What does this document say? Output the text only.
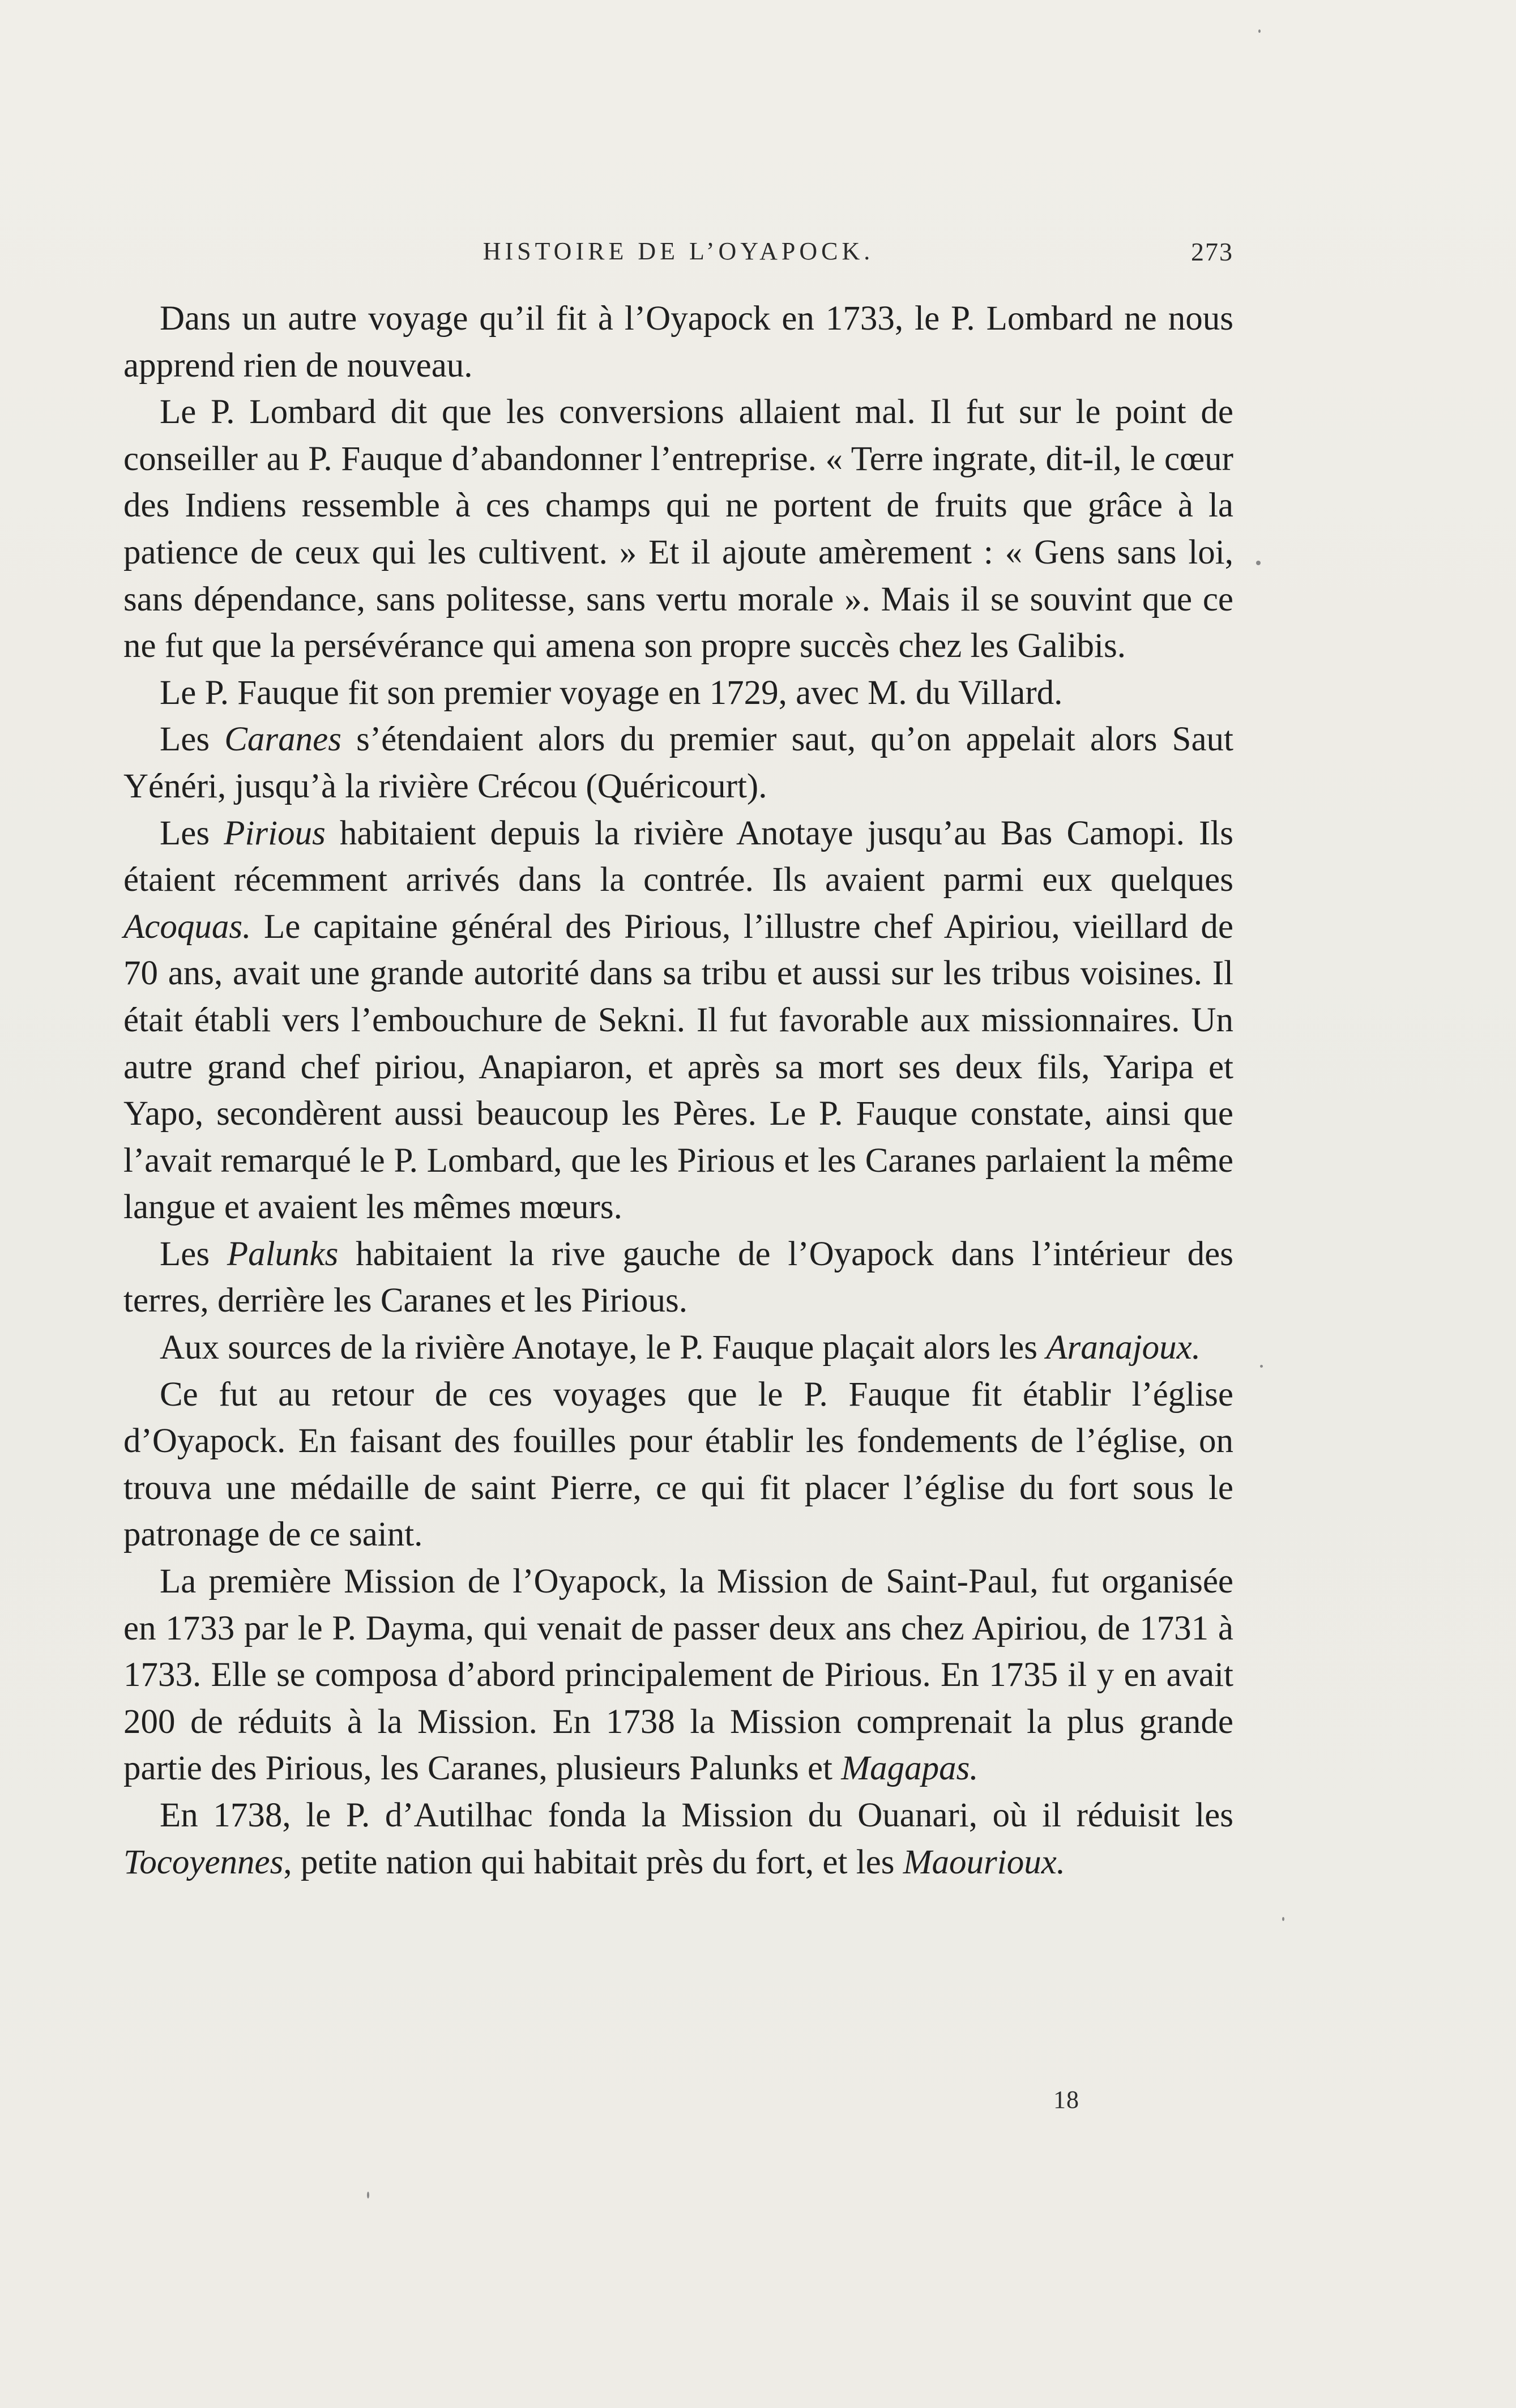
HISTOIRE DE L’OYAPOCK.	273

Dans un autre voyage qu’il fit à l’Oyapock en 1733, le P. Lombard ne nous apprend rien de nouveau.

Le P. Lombard dit que les conversions allaient mal. Il fut sur le point de conseiller au P. Fauque d’abandonner l’entreprise. « Terre ingrate, dit-il, le cœur des Indiens ressemble à ces champs qui ne portent de fruits que grâce à la patience de ceux qui les cultivent. » Et il ajoute amèrement : « Gens sans loi, sans dépendance, sans politesse, sans vertu morale ». Mais il se souvint que ce ne fut que la persévérance qui amena son propre succès chez les Galibis.

Le P. Fauque fit son premier voyage en 1729, avec M. du Villard.

Les Caranes s’étendaient alors du premier saut, qu’on appelait alors Saut Yénéri, jusqu’à la rivière Crécou (Quéricourt).

Les Pirious habitaient depuis la rivière Anotaye jusqu’au Bas Camopi. Ils étaient récemment arrivés dans la contrée. Ils avaient parmi eux quelques Acoquas. Le capitaine général des Pirious, l’illustre chef Apiriou, vieillard de 70 ans, avait une grande autorité dans sa tribu et aussi sur les tribus voisines. Il était établi vers l’embouchure de Sekni. Il fut favorable aux missionnaires. Un autre grand chef piriou, Anapiaron, et après sa mort ses deux fils, Yaripa et Yapo, secondèrent aussi beaucoup les Pères. Le P. Fauque constate, ainsi que l’avait remarqué le P. Lombard, que les Pirious et les Caranes parlaient la même langue et avaient les mêmes mœurs.

Les Palunks habitaient la rive gauche de l’Oyapock dans l’intérieur des terres, derrière les Caranes et les Pirious.

Aux sources de la rivière Anotaye, le P. Fauque plaçait alors les Aranajoux.

Ce fut au retour de ces voyages que le P. Fauque fit établir l’église d’Oyapock. En faisant des fouilles pour établir les fondements de l’église, on trouva une médaille de saint Pierre, ce qui fit placer l’église du fort sous le patronage de ce saint.

La première Mission de l’Oyapock, la Mission de Saint-Paul, fut organisée en 1733 par le P. Dayma, qui venait de passer deux ans chez Apiriou, de 1731 à 1733. Elle se composa d’abord principalement de Pirious. En 1735 il y en avait 200 de réduits à la Mission. En 1738 la Mission comprenait la plus grande partie des Pirious, les Caranes, plusieurs Palunks et Magapas.

En 1738, le P. d’Autilhac fonda la Mission du Ouanari, où il réduisit les Tocoyennes, petite nation qui habitait près du fort, et les Maourioux.

18
